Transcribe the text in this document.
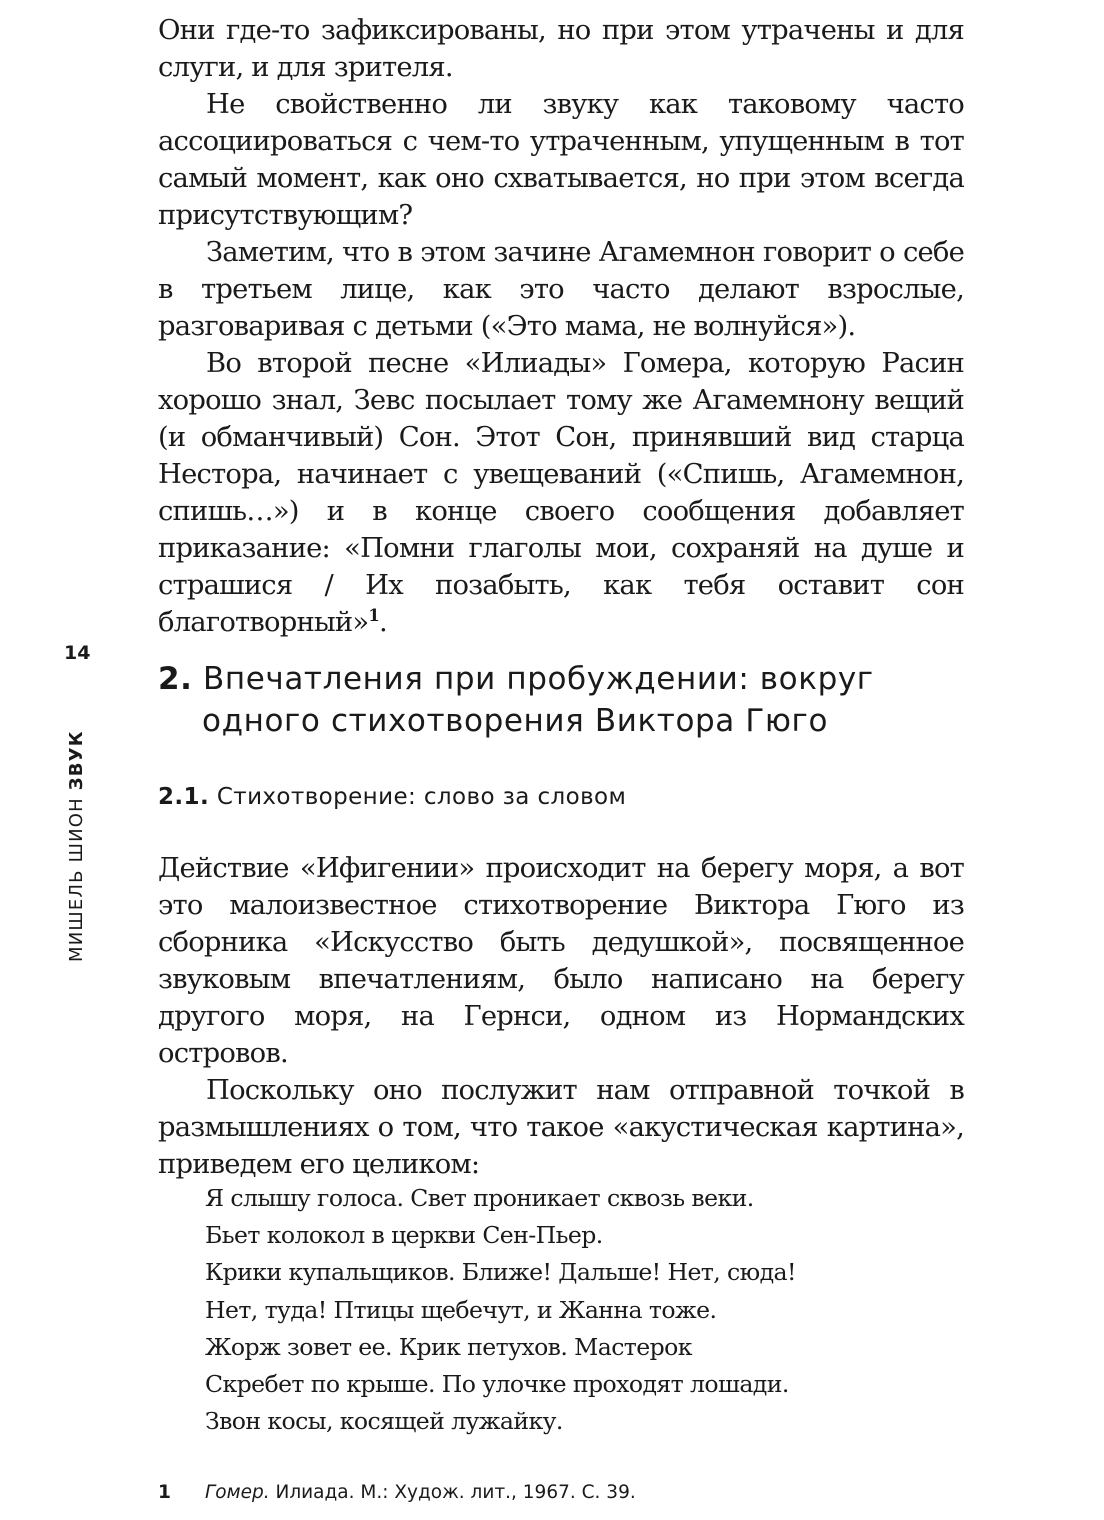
14
МИШЕЛЬ ШИОН ЗВУК

Они где-то зафиксированы, но при этом утрачены и для слуги, и для зрителя.

Не свойственно ли звуку как таковому часто ассоциироваться с чем-то утраченным, упущенным в тот самый момент, как оно схватывается, но при этом всегда присутствующим?

Заметим, что в этом зачине Агамемнон говорит о себе в третьем лице, как это часто делают взрослые, разговаривая с детьми («Это мама, не волнуйся»).

Во второй песне «Илиады» Гомера, которую Расин хорошо знал, Зевс посылает тому же Агамемнону вещий (и обманчивый) Сон. Этот Сон, принявший вид старца Нестора, начинает с увещеваний («Спишь, Агамемнон, спишь…») и в конце своего сообщения добавляет приказание: «Помни глаголы мои, сохраняй на душе и страшися / Их позабыть, как тебя оставит сон благотворный»$^1$.

2. Впечатления при пробуждении: вокруг
одного стихотворения Виктора Гюго
2.1. Стихотворение: слово за словом

Действие «Ифигении» происходит на берегу моря, а вот это малоизвестное стихотворение Виктора Гюго из сборника «Искусство быть дедушкой», посвященное звуковым впечатлениям, было написано на берегу другого моря, на Гернси, одном из Нормандских островов.

Поскольку оно послужит нам отправной точкой в размышлениях о том, что такое «акустическая картина», приведем его целиком:

Я слышу голоса. Свет проникает сквозь веки.
Бьет колокол в церкви Сен-Пьер.
Крики купальщиков. Ближе! Дальше! Нет, сюда!
Нет, туда! Птицы щебечут, и Жанна тоже.
Жорж зовет ее. Крик петухов. Мастерок
Скребет по крыше. По улочке проходят лошади.
Звон косы, косящей лужайку.
1 Гомер. Илиада. М.: Худож. лит., 1967. С. 39.
